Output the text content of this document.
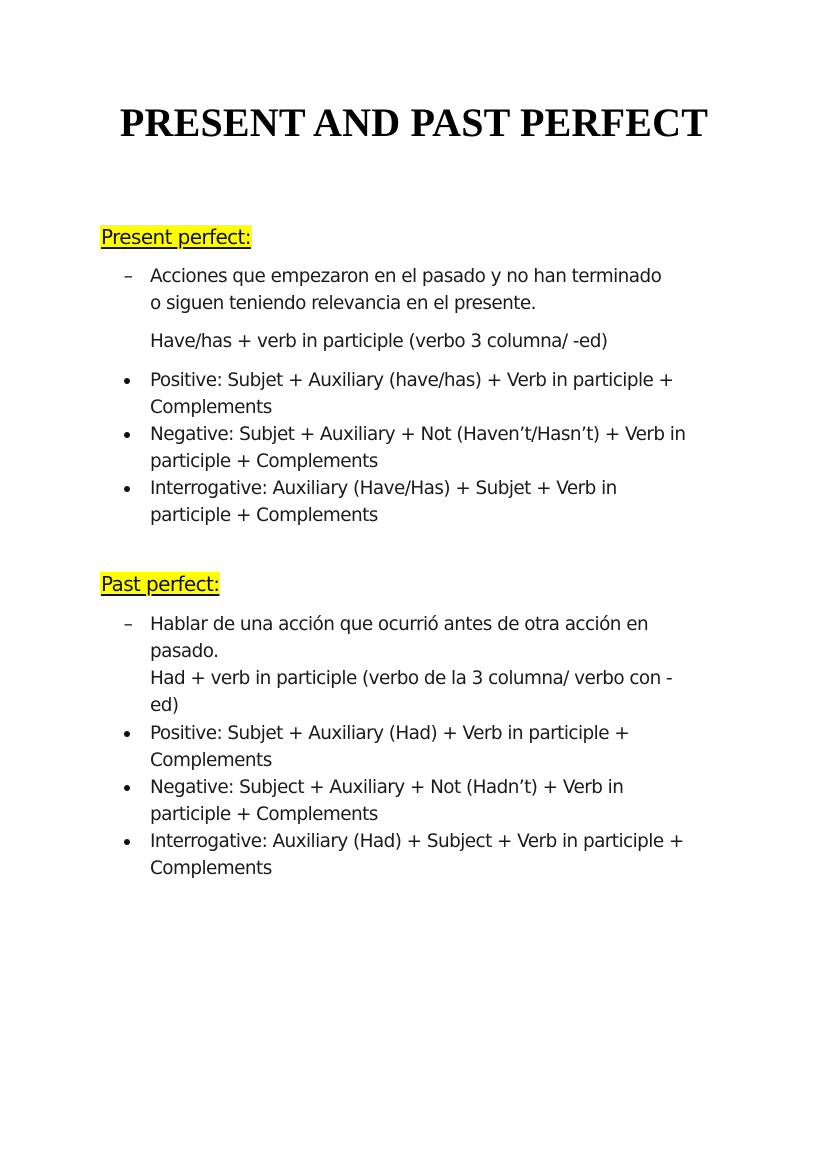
PRESENT AND PAST PERFECT
Present perfect:
– Acciones que empezaron en el pasado y no han terminado
o siguen teniendo relevancia en el presente.
Have/has + verb in participle (verbo 3 columna/ -ed)
Positive: Subjet + Auxiliary (have/has) + Verb in participle +
Complements
Negative: Subjet + Auxiliary + Not (Haven’t/Hasn’t) + Verb in
participle + Complements
Interrogative: Auxiliary (Have/Has) + Subjet + Verb in
participle + Complements
Past perfect:
– Hablar de una acción que ocurrió antes de otra acción en
pasado.
Had + verb in participle (verbo de la 3 columna/ verbo con -
ed)
Positive: Subjet + Auxiliary (Had) + Verb in participle +
Complements
Negative: Subject + Auxiliary + Not (Hadn’t) + Verb in
participle + Complements
Interrogative: Auxiliary (Had) + Subject + Verb in participle +
Complements
